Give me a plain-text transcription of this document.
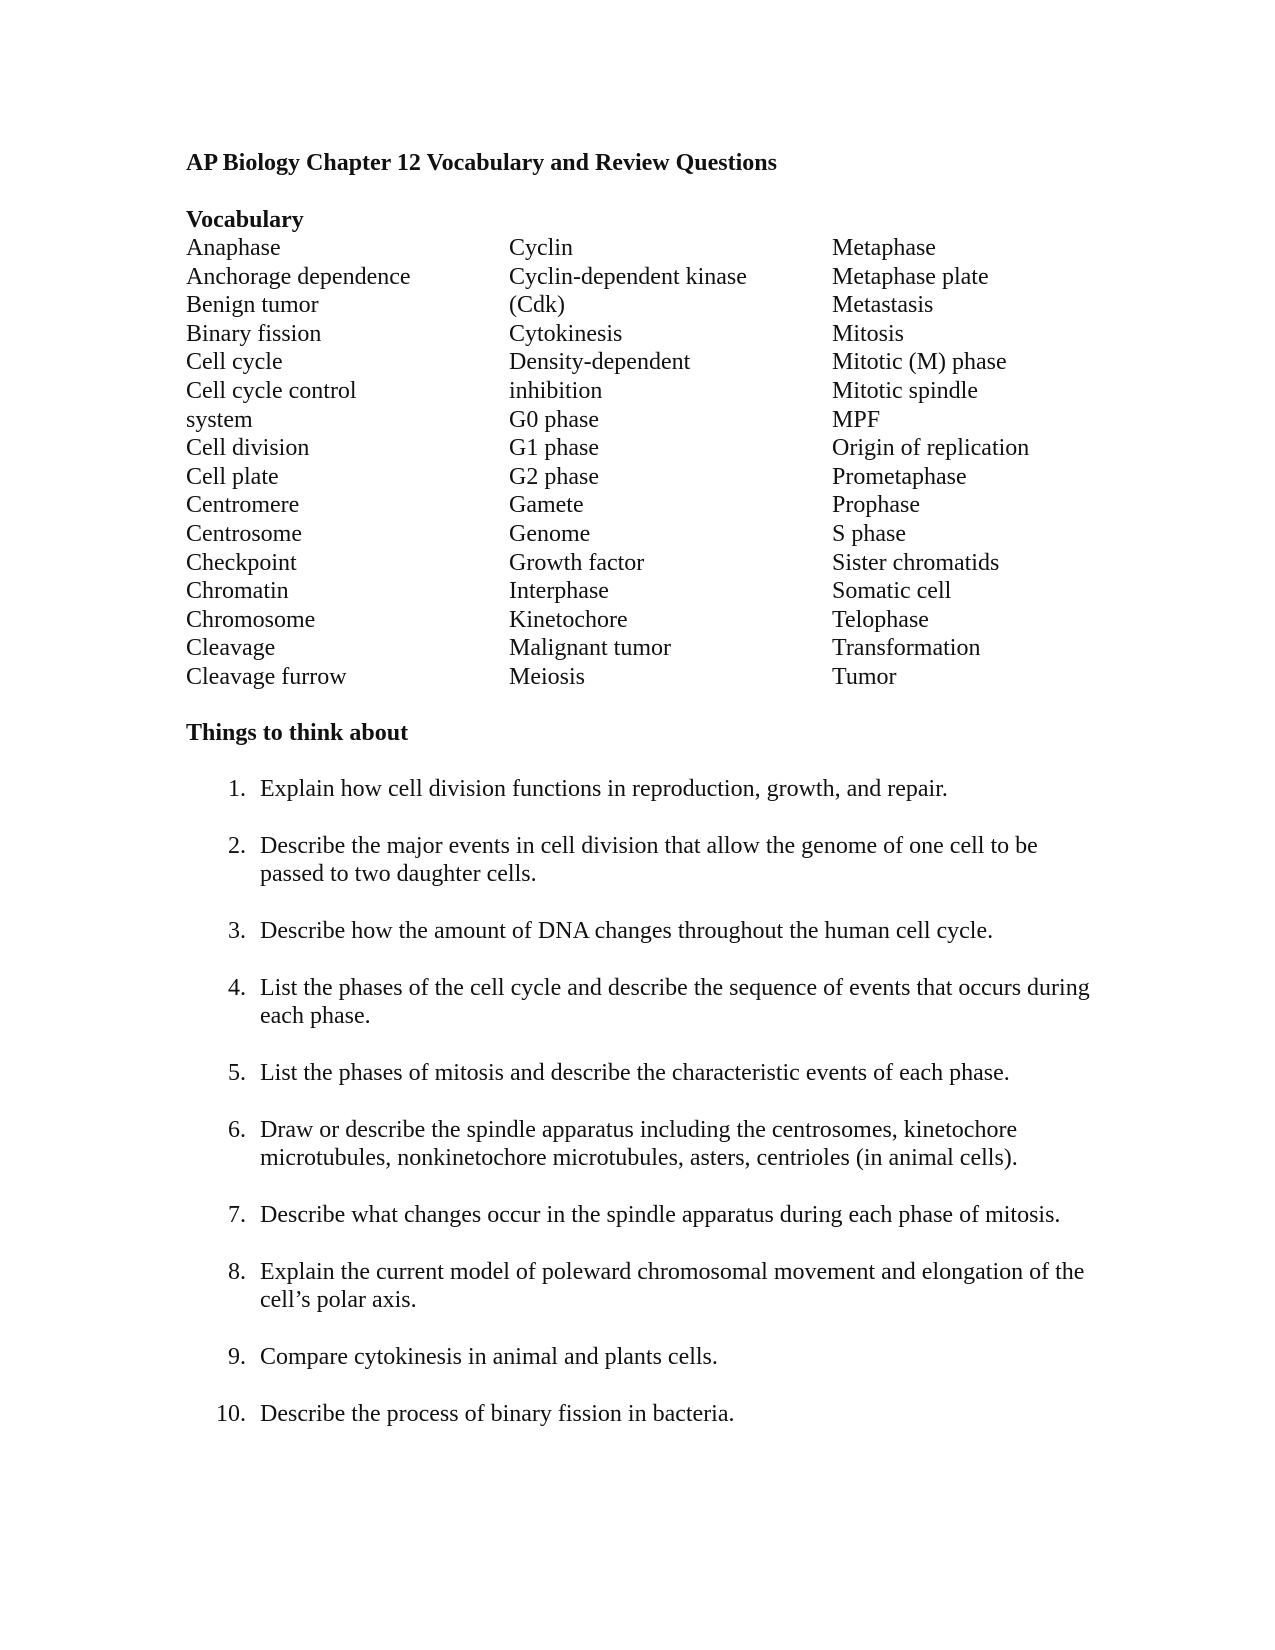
AP Biology Chapter 12 Vocabulary and Review Questions
Vocabulary
Anaphase
Anchorage dependence
Benign tumor
Binary fission
Cell cycle
Cell cycle control
system
Cell division
Cell plate
Centromere
Centrosome
Checkpoint
Chromatin
Chromosome
Cleavage
Cleavage furrow
Cyclin
Cyclin-dependent kinase
(Cdk)
Cytokinesis
Density-dependent
inhibition
G0 phase
G1 phase
G2 phase
Gamete
Genome
Growth factor
Interphase
Kinetochore
Malignant tumor
Meiosis
Metaphase
Metaphase plate
Metastasis
Mitosis
Mitotic (M) phase
Mitotic spindle
MPF
Origin of replication
Prometaphase
Prophase
S phase
Sister chromatids
Somatic cell
Telophase
Transformation
Tumor
Things to think about
1. Explain how cell division functions in reproduction, growth, and repair.
2. Describe the major events in cell division that allow the genome of one cell to be passed to two daughter cells.
3. Describe how the amount of DNA changes throughout the human cell cycle.
4. List the phases of the cell cycle and describe the sequence of events that occurs during each phase.
5. List the phases of mitosis and describe the characteristic events of each phase.
6. Draw or describe the spindle apparatus including the centrosomes, kinetochore microtubules, nonkinetochore microtubules, asters, centrioles (in animal cells).
7. Describe what changes occur in the spindle apparatus during each phase of mitosis.
8. Explain the current model of poleward chromosomal movement and elongation of the cell’s polar axis.
9. Compare cytokinesis in animal and plants cells.
10. Describe the process of binary fission in bacteria.
